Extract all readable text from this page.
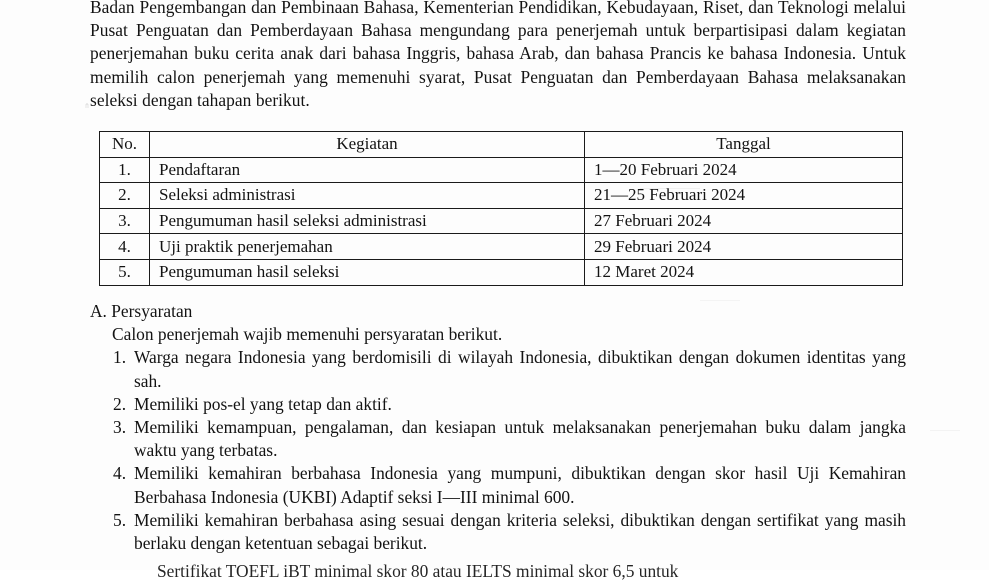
Badan Pengembangan dan Pembinaan Bahasa, Kementerian Pendidikan, Kebudayaan, Riset, dan Teknologi melalui Pusat Penguatan dan Pemberdayaan Bahasa mengundang para penerjemah untuk berpartisipasi dalam kegiatan penerjemahan buku cerita anak dari bahasa Inggris, bahasa Arab, dan bahasa Prancis ke bahasa Indonesia. Untuk memilih calon penerjemah yang memenuhi syarat, Pusat Penguatan dan Pemberdayaan Bahasa melaksanakan seleksi dengan tahapan berikut.

No.	Kegiatan	Tanggal
1.	Pendaftaran	1—20 Februari 2024
2.	Seleksi administrasi	21—25 Februari 2024
3.	Pengumuman hasil seleksi administrasi	27 Februari 2024
4.	Uji praktik penerjemahan	29 Februari 2024
5.	Pengumuman hasil seleksi	12 Maret 2024

A. Persyaratan

Calon penerjemah wajib memenuhi persyaratan berikut.

1. Warga negara Indonesia yang berdomisili di wilayah Indonesia, dibuktikan dengan dokumen identitas yang sah.
2. Memiliki pos-el yang tetap dan aktif.
3. Memiliki kemampuan, pengalaman, dan kesiapan untuk melaksanakan penerjemahan buku dalam jangka waktu yang terbatas.
4. Memiliki kemahiran berbahasa Indonesia yang mumpuni, dibuktikan dengan skor hasil Uji Kemahiran Berbahasa Indonesia (UKBI) Adaptif seksi I—III minimal 600.
5. Memiliki kemahiran berbahasa asing sesuai dengan kriteria seleksi, dibuktikan dengan sertifikat yang masih berlaku dengan ketentuan sebagai berikut.
Sertifikat TOEFL iBT minimal skor 80 atau IELTS minimal skor 6,5 untuk
